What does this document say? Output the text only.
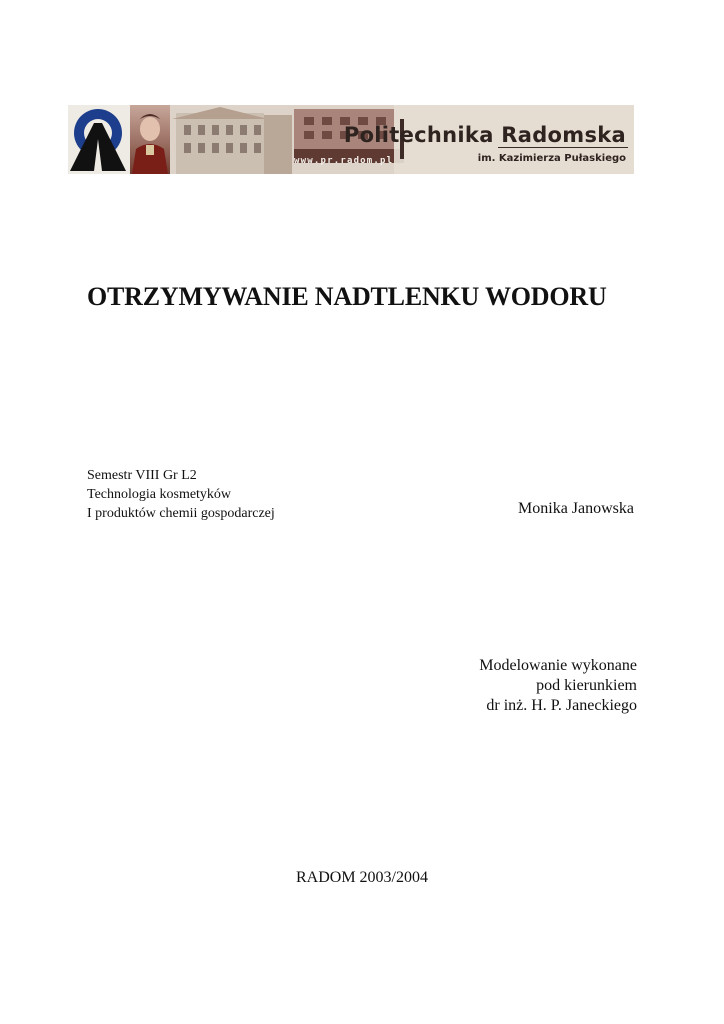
Politechnika Radomska
im. Kazimierza Pułaskiego
www.pr.radom.pl
OTRZYMYWANIE NADTLENKU WODORU
Semestr VIII Gr L2
Technologia kosmetyków
I produktów chemii gospodarczej	Monika Janowska
Modelowanie wykonane
pod kierunkiem
dr inż. H. P. Janeckiego
RADOM 2003/2004
